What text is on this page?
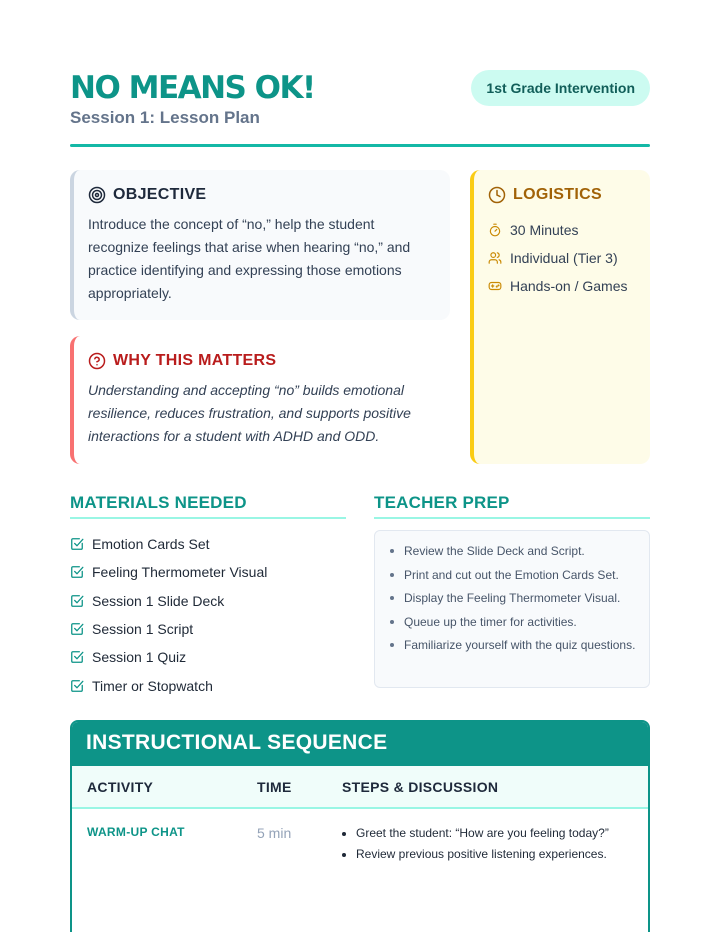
NO MEANS OK!
Session 1: Lesson Plan
1st Grade Intervention
OBJECTIVE

Introduce the concept of “no,” help the student recognize feelings that arise when hearing “no,” and practice identifying and expressing those emotions appropriately.

WHY THIS MATTERS

Understanding and accepting “no” builds emotional resilience, reduces frustration, and supports positive interactions for a student with ADHD and ODD.

LOGISTICS
30 Minutes
Individual (Tier 3)
Hands-on / Games
MATERIALS NEEDED
Emotion Cards Set
Feeling Thermometer Visual
Session 1 Slide Deck
Session 1 Script
Session 1 Quiz
Timer or Stopwatch
TEACHER PREP
Review the Slide Deck and Script.
Print and cut out the Emotion Cards Set.
Display the Feeling Thermometer Visual.
Queue up the timer for activities.
Familiarize yourself with the quiz questions.
INSTRUCTIONAL SEQUENCE
ACTIVITY	TIME	STEPS & DISCUSSION
WARM-UP CHAT	5 min	Greet the student: “How are you feeling today?”
Review previous positive listening experiences.
